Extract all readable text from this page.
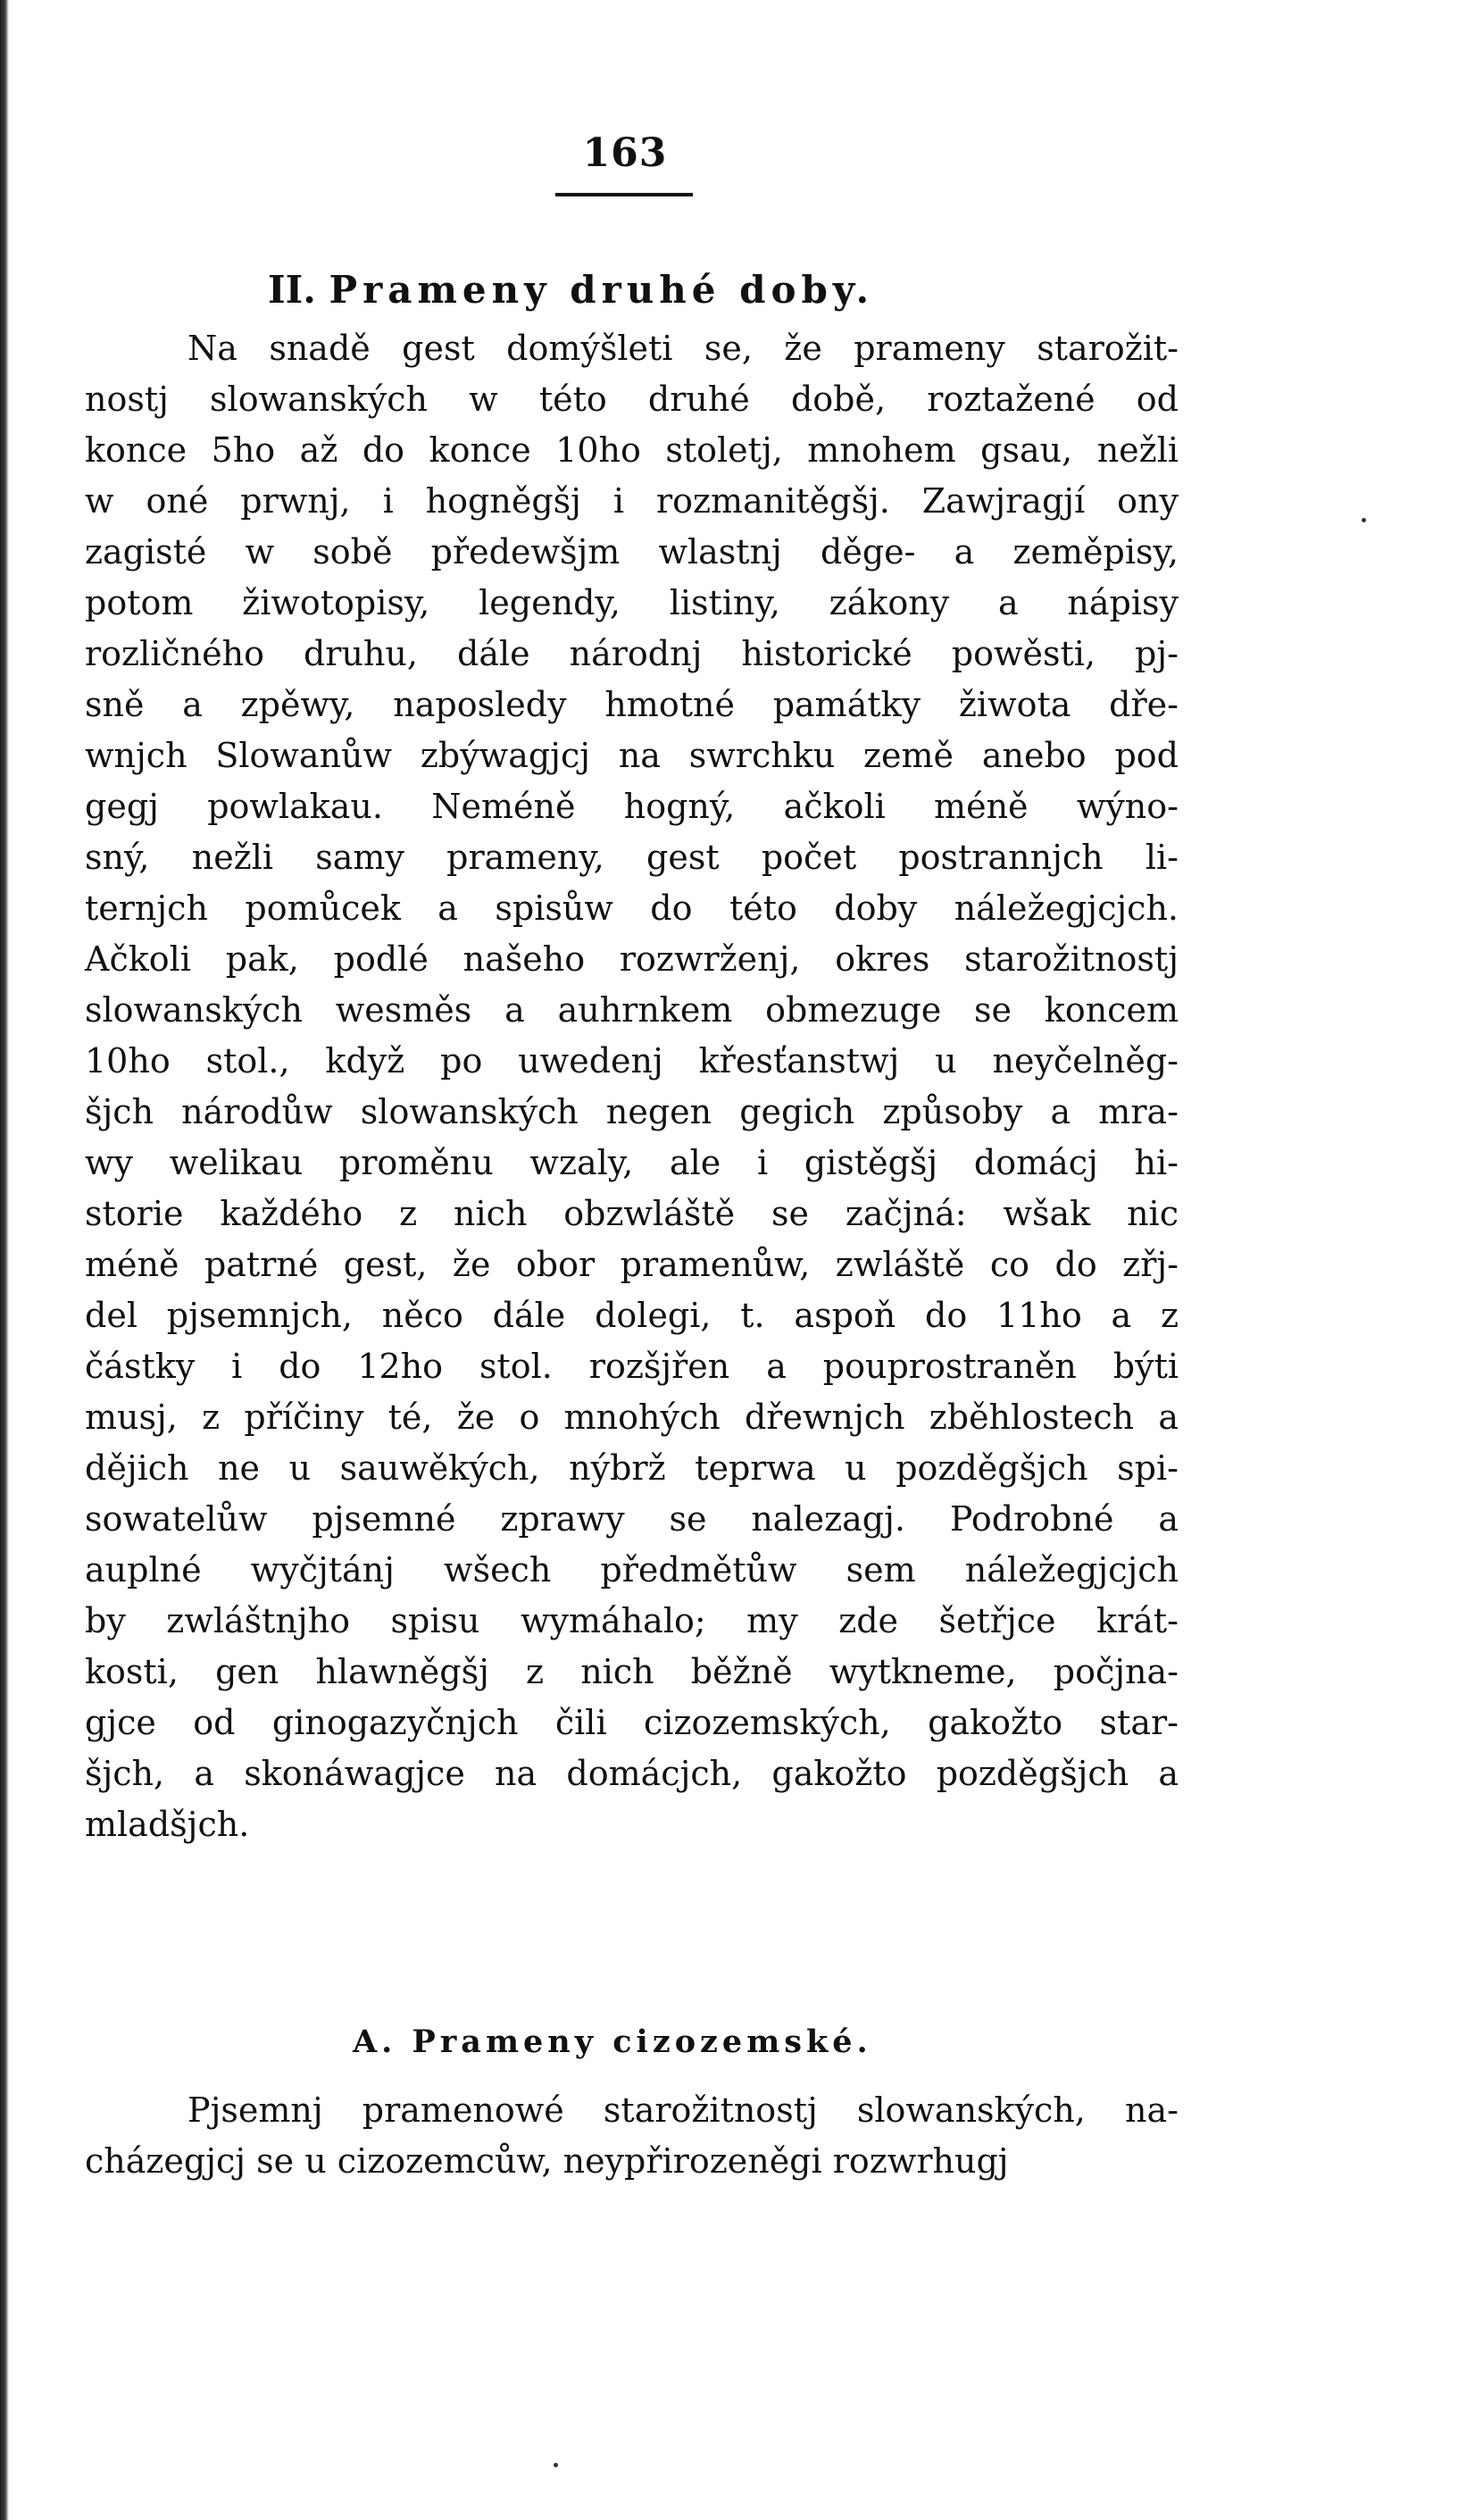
163
II. Prameny druhé doby.
Na snadě gest domýšleti se, že prameny starožit-
nostj slowanských w této druhé době, roztažené od
konce 5ho až do konce 10ho stoletj, mnohem gsau, nežli
w oné prwnj, i hogněgšj i rozmanitěgšj. Zawjragjí ony
zagisté w sobě předewšjm wlastnj děge- a zeměpisy,
potom žiwotopisy, legendy, listiny, zákony a nápisy
rozličného druhu, dále národnj historické powěsti, pj-
sně a zpěwy, naposledy hmotné památky žiwota dře-
wnjch Slowanůw zbýwagjcj na swrchku země anebo pod
gegj powlakau. Neméně hogný, ačkoli méně wýno-
sný, nežli samy prameny, gest počet postrannjch li-
ternjch pomůcek a spisůw do této doby náležegjcjch.
Ačkoli pak, podlé našeho rozwrženj, okres starožitnostj
slowanských wesměs a auhrnkem obmezuge se koncem
10ho stol., když po uwedenj křesťanstwj u neyčelněg-
šjch národůw slowanských negen gegich způsoby a mra-
wy welikau proměnu wzaly, ale i gistěgšj domácj hi-
storie každého z nich obzwláště se začjná: wšak nic
méně patrné gest, že obor pramenůw, zwláště co do zřj-
del pjsemnjch, něco dále dolegi, t. aspoň do 11ho a z
částky i do 12ho stol. rozšjřen a pouprostraněn býti
musj, z příčiny té, že o mnohých dřewnjch zběhlostech a
dějich ne u sauwěkých, nýbrž teprwa u pozděgšjch spi-
sowatelůw pjsemné zprawy se nalezagj. Podrobné a
auplné wyčjtánj wšech předmětůw sem náležegjcjch
by zwláštnjho spisu wymáhalo; my zde šetřjce krát-
kosti, gen hlawněgšj z nich běžně wytkneme, počjna-
gjce od ginogazyčnjch čili cizozemských, gakožto star-
šjch, a skonáwagjce na domácjch, gakožto pozděgšjch a
mladšjch.
A. Prameny cizozemské.
Pjsemnj pramenowé starožitnostj slowanských, na-
cházegjcj se u cizozemcůw, neypřirozeněgi rozwrhugj
